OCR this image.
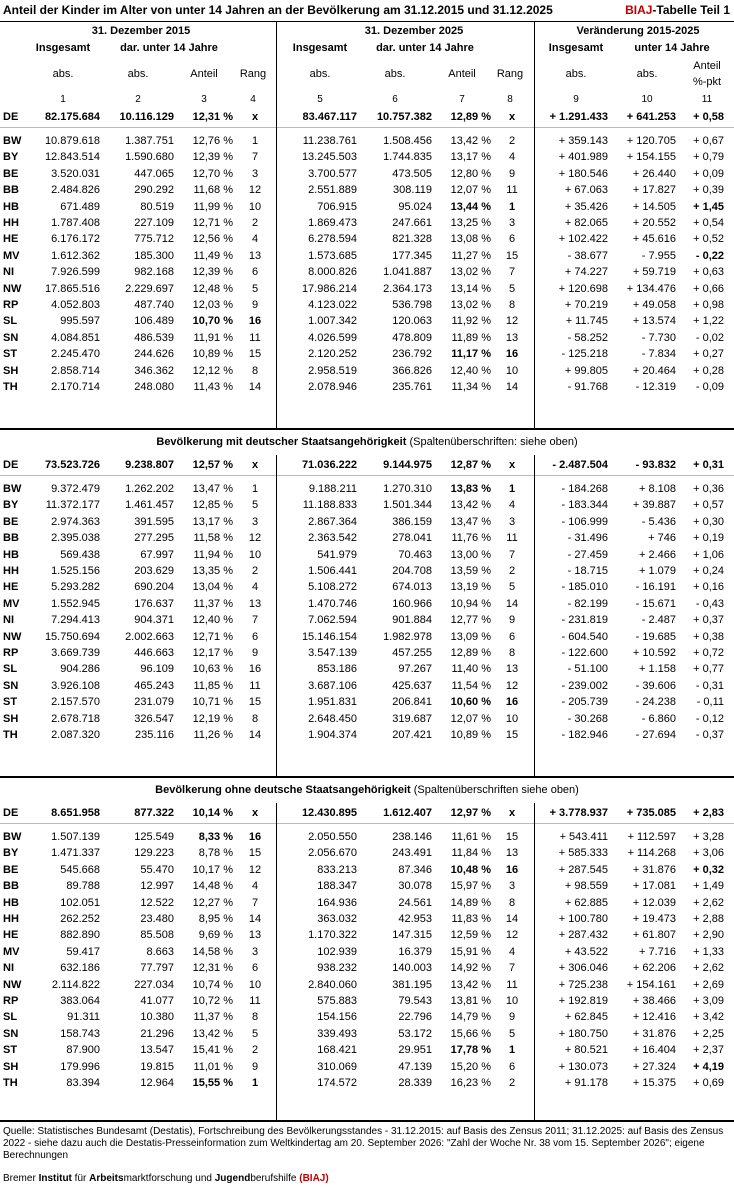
Anteil der Kinder im Alter von unter 14 Jahren an der Bevölkerung am 31.12.2015 und 31.12.2025	BIAJ-Tabelle Teil 1
31. Dezember 2015	31. Dezember 2025	Veränderung 2015-2025
Insgesamt	dar. unter 14 Jahre	Insgesamt	dar. unter 14 Jahre	Insgesamt	unter 14 Jahre
Anteil
abs.	abs.	Anteil Rang	abs.	abs.	Anteil Rang	abs.	abs.
%-pkt
1	2	3	4	5	6	7	8	9	10	11
DE 82.175.684 10.116.129 12,31 % x	83.467.117 10.757.382 12,89 % x	+ 1.291.433 + 641.253 + 0,58
BW 10.879.618 1.387.751 12,76 % 1	11.238.761 1.508.456 13,42 % 2	+ 359.143 + 120.705 + 0,67
BY 12.843.514 1.590.680 12,39 % 7	13.245.503 1.744.835 13,17 % 4	+ 401.989 + 154.155 + 0,79
BE	3.520.031	447.065 12,70 % 3	3.700.577	473.505 12,80 % 9	+ 180.546 + 26.440 + 0,09
BB	2.484.826	290.292 11,68 % 12	2.551.889	308.119 12,07 % 11	+ 67.063 + 17.827 + 0,39
HB	671.489	80.519 11,99 % 10	706.915	95.024 13,44 % 1	+ 35.426 + 14.505 + 1,45
HH	1.787.408	227.109 12,71 % 2	1.869.473	247.661 13,25 % 3	+ 82.065 + 20.552 + 0,54
HE	6.176.172	775.712 12,56 % 4	6.278.594	821.328 13,08 % 6	+ 102.422 + 45.616 + 0,52
MV	1.612.362	185.300 11,49 % 13	1.573.685	177.345 11,27 % 15	- 38.677	- 7.955 - 0,22
NI	7.926.599	982.168 12,39 % 6	8.000.826 1.041.887 13,02 % 7	+ 74.227 + 59.719 + 0,63
NW 17.865.516 2.229.697 12,48 % 5	17.986.214 2.364.173 13,14 % 5	+ 120.698 + 134.476 + 0,66
RP	4.052.803	487.740 12,03 % 9	4.123.022	536.798 13,02 % 8	+ 70.219 + 49.058 + 0,98
SL	995.597	106.489 10,70 % 16	1.007.342	120.063 11,92 % 12	+ 11.745 + 13.574 + 1,22
SN	4.084.851	486.539 11,91 % 11	4.026.599	478.809 11,89 % 13	- 58.252	- 7.730 - 0,02
ST	2.245.470	244.626 10,89 % 15	2.120.252	236.792 11,17 % 16	- 125.218	- 7.834 + 0,27
SH	2.858.714	346.362 12,12 % 8	2.958.519	366.826 12,40 % 10	+ 99.805 + 20.464 + 0,28
TH	2.170.714	248.080 11,43 % 14	2.078.946	235.761 11,34 % 14	- 91.768	- 12.319 - 0,09
DE 73.523.726 9.238.807 12,57 % x	71.036.222 9.144.975 12,87 % x	- 2.487.504	- 93.832 + 0,31
BW	9.372.479 1.262.202 13,47 % 1	9.188.211 1.270.310 13,83 % 1	- 184.268	+ 8.108 + 0,36
BY 11.372.177 1.461.457 12,85 % 5	11.188.833 1.501.344 13,42 % 4	- 183.344 + 39.887 + 0,57
BE	2.974.363	391.595 13,17 % 3	2.867.364	386.159 13,47 % 3	- 106.999	- 5.436 + 0,30
BB	2.395.038	277.295 11,58 % 12	2.363.542	278.041 11,76 % 11	- 31.496	+ 746 + 0,19
HB	569.438	67.997 11,94 % 10	541.979	70.463 13,00 % 7	- 27.459	+ 2.466 + 1,06
HH	1.525.156	203.629 13,35 % 2	1.506.441	204.708 13,59 % 2	- 18.715	+ 1.079 + 0,24
HE	5.293.282	690.204 13,04 % 4	5.108.272	674.013 13,19 % 5	- 185.010	- 16.191 + 0,16
MV	1.552.945	176.637 11,37 % 13	1.470.746	160.966 10,94 % 14	- 82.199	- 15.671 - 0,43
NI	7.294.413	904.371 12,40 % 7	7.062.594	901.884 12,77 % 9	- 231.819	- 2.487 + 0,37
NW 15.750.694 2.002.663 12,71 % 6	15.146.154 1.982.978 13,09 % 6	- 604.540	- 19.685 + 0,38
RP	3.669.739	446.663 12,17 % 9	3.547.139	457.255 12,89 % 8	- 122.600 + 10.592 + 0,72
SL	904.286	96.109 10,63 % 16	853.186	97.267 11,40 % 13	- 51.100	+ 1.158 + 0,77
SN	3.926.108	465.243 11,85 % 11	3.687.106	425.637 11,54 % 12	- 239.002	- 39.606 - 0,31
ST	2.157.570	231.079 10,71 % 15	1.951.831	206.841 10,60 % 16	- 205.739	- 24.238 - 0,11
SH	2.678.718	326.547 12,19 % 8	2.648.450	319.687 12,07 % 10	- 30.268	- 6.860 - 0,12
TH	2.087.320	235.116 11,26 % 14	1.904.374	207.421 10,89 % 15	- 182.946	- 27.694 - 0,37
DE	8.651.958	877.322 10,14 % x	12.430.895 1.612.407 12,97 % x	+ 3.778.937 + 735.085 + 2,83
BW	1.507.139	125.549 8,33 % 16	2.050.550	238.146 11,61 % 15	+ 543.411 + 112.597 + 3,28
BY	1.471.337	129.223 8,78 % 15	2.056.670	243.491 11,84 % 13	+ 585.333 + 114.268 + 3,06
BE	545.668	55.470 10,17 % 12	833.213	87.346 10,48 % 16	+ 287.545 + 31.876 + 0,32
BB	89.788	12.997 14,48 % 4	188.347	30.078 15,97 % 3	+ 98.559 + 17.081 + 1,49
HB	102.051	12.522 12,27 % 7	164.936	24.561 14,89 % 8	+ 62.885 + 12.039 + 2,62
HH	262.252	23.480 8,95 % 14	363.032	42.953 11,83 % 14	+ 100.780 + 19.473 + 2,88
HE	882.890	85.508 9,69 % 13	1.170.322	147.315 12,59 % 12	+ 287.432 + 61.807 + 2,90
MV	59.417	8.663 14,58 % 3	102.939	16.379 15,91 % 4	+ 43.522	+ 7.716 + 1,33
NI	632.186	77.797 12,31 % 6	938.232	140.003 14,92 % 7	+ 306.046 + 62.206 + 2,62
NW	2.114.822	227.034 10,74 % 10	2.840.060	381.195 13,42 % 11	+ 725.238 + 154.161 + 2,69
RP	383.064	41.077 10,72 % 11	575.883	79.543 13,81 % 10	+ 192.819 + 38.466 + 3,09
SL	91.311	10.380 11,37 % 8	154.156	22.796 14,79 % 9	+ 62.845 + 12.416 + 3,42
SN	158.743	21.296 13,42 % 5	339.493	53.172 15,66 % 5	+ 180.750 + 31.876 + 2,25
ST	87.900	13.547 15,41 % 2	168.421	29.951 17,78 % 1	+ 80.521 + 16.404 + 2,37
SH	179.996	19.815 11,01 % 9	310.069	47.139 15,20 % 6	+ 130.073 + 27.324 + 4,19
TH	83.394	12.964 15,55 % 1	174.572	28.339 16,23 % 2	+ 91.178 + 15.375 + 0,69
Quelle: Statistisches Bundesamt (Destatis), Fortschreibung des Bevölkerungsstandes - 31.12.2015: auf Basis des Zensus 2011; 31.12.2025: auf Basis des Zensus 2022 - siehe dazu auch die Destatis-Presseinformation zum Weltkindertag am 20. September 2026: "Zahl der Woche Nr. 38 vom 15. September 2026"; eigene Berechnungen
Bremer Institut für Arbeitsmarktforschung und Jugendberufshilfe (BIAJ)
Bevölkerung mit deutscher Staatsangehörigkeit (Spaltenüberschriften: siehe oben)
Bevölkerung ohne deutsche Staatsangehörigkeit (Spaltenüberschriften siehe oben)
